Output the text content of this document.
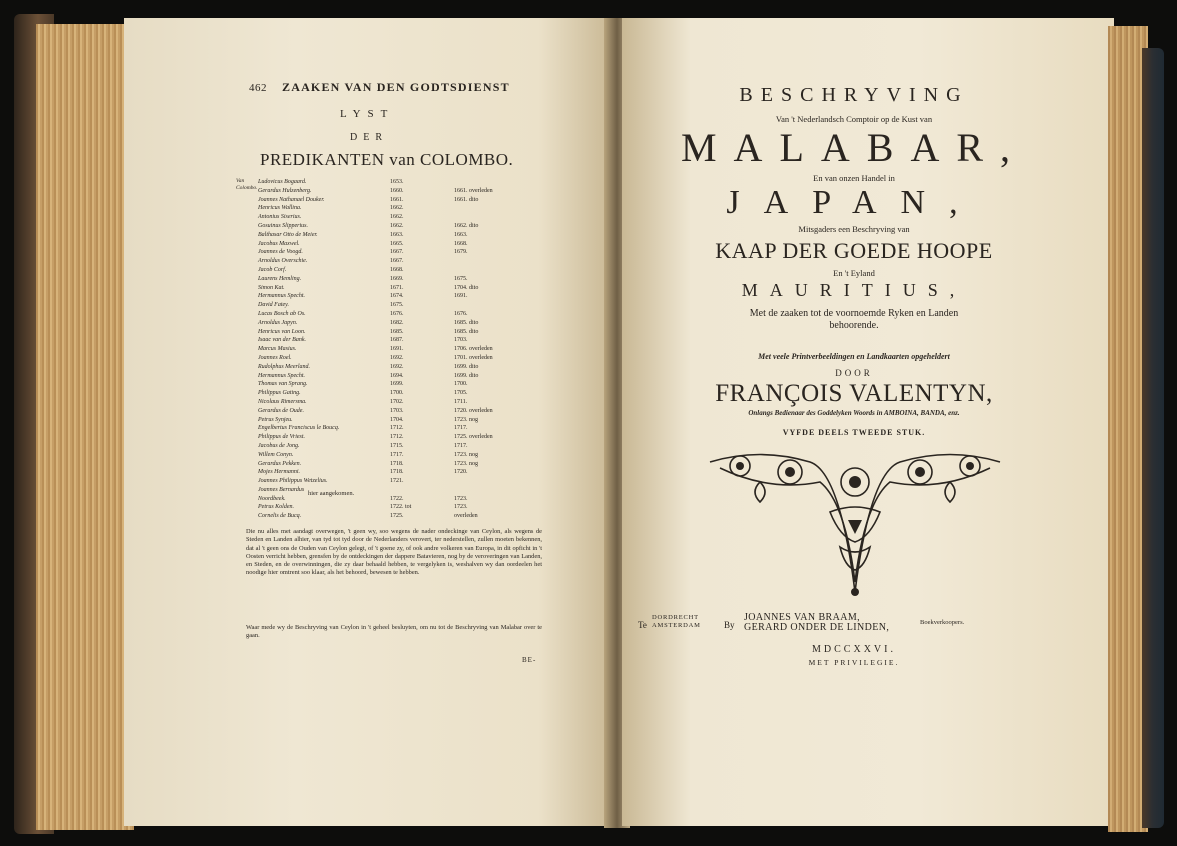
462 ZAAKEN VAN DEN GODTSDIENST
LYST
DER
PREDIKANTEN van COLOMBO.
Van Colombo.
Ludovicus Bogaard.	1653.
Gerardus Hulzenberg.	1660.	1661. overleden
Joannes Nathanael Douker.	1661.	1661. dito
Henricus Wallina.	1662.
Antonius Siserius.	1662.
Gosuinus Slipperius.	1662.	1662. dito
Balthasar Otto de Meier.	1663.	1663.
Jacobus Maxwel.	1665.	1668.
Joannes de Voogd.	1667.	1679.
Arnoldus Overschie.	1667.
Jacob Corf.	1668.
Laurens Hemling.	1669.	1675.
Simon Kat.	1671.	1704. dito
Hermannus Specht.	1674.	1691.
David Fatey.	1675.
Lucas Bosch ab Os.	1676.	1676.
Arnoldus Japyn.	1682.	1685. dito
Henricus van Loon.	1685.	1685. dito
Isaac van der Bank.	1687.	1703.
Marcus Masius.	1691.	1706. overleden
Joannes Roel.	1692.	1701. overleden
Rudolphus Meerland.	1692.	1699. dito
Hermannus Specht.	1694.	1699. dito
Thomas van Sprang.	1699.	1700.
Philippus Gating.	1700.	1705.
Nicolaus Rimersma.	1702.	1711.
Gerardus de Oude.	1703.	1720. overleden
Petrus Synjeu.	1704.	1723. nog
Engelbertus Franciscus le Boucq.	1712.	1717.
Philippus de Vriest.	1712.	1725. overleden
Jacobus de Jong.	1715.	1717.
Willem Conyn.	1717.	1723. nog
Gerardus Pekken.	1718.	1723. nog
Mojes Hermanni.	1718.	1720.
Joannes Philippus Wetzelius.	1721.
Joannes Bernardus
Noordbeek.	1722.	1723.
Petrus Kolden.	1722. tot	1723.
Cornelis de Bucq.	1725.	overleden
hier aangekomen.
Die nu alles met aandagt overwegen, 't geen wy, soo wegens de nader ondeckinge van Ceylon, als wegens de Steden en Landen alhier, van tyd tot tyd door de Nederlanders verovert, ter nederstellen, zullen moeten bekennen, dat al 't geen ons de Ouden van Ceylon gelegt, of 't goene zy, of ook andre volkeren van Europa, in dit opficht in 't Oosten verricht hebben, grensfen by de ontdeckingen der dappere Batavieren, nog by de veroveringen van Landen, en Steden, en de overwinningen, die zy daar behaald hebben, te vergelyken is, weshalven wy dan oordeelen het noodige hier omtrent soo klaar, als het behoord, bewesen te hebben.
Waar mede wy de Beschryving van Ceylon in 't geheel besluyten, om nu tot de Beschryving van Malabar over te gaan.
BE-
BESCHRYVING
Van 't Nederlandsch Comptoir op de Kust van
MALABAR,
En van onzen Handel in
JAPAN,
Mitsgaders een Beschryving van
KAAP DER GOEDE HOOPE
En 't Eyland
MAURITIUS,
Met de zaaken tot de voornoemde Ryken en Landen
behoorende.
Met veele Printverbeeldingen en Landkaarten opgeheldert
DOOR
FRANÇOIS VALENTYN,
Onlangs Bedienaar des Goddelyken Woords in AMBOINA, BANDA, enz.
VYFDE DEELS TWEEDE STUK.
Te
DORDRECHT
AMSTERDAM	By
JOANNES VAN BRAAM,
GERARD ONDER DE LINDEN,	Boekverkoopers.
MDCCXXVI.
MET PRIVILEGIE.
